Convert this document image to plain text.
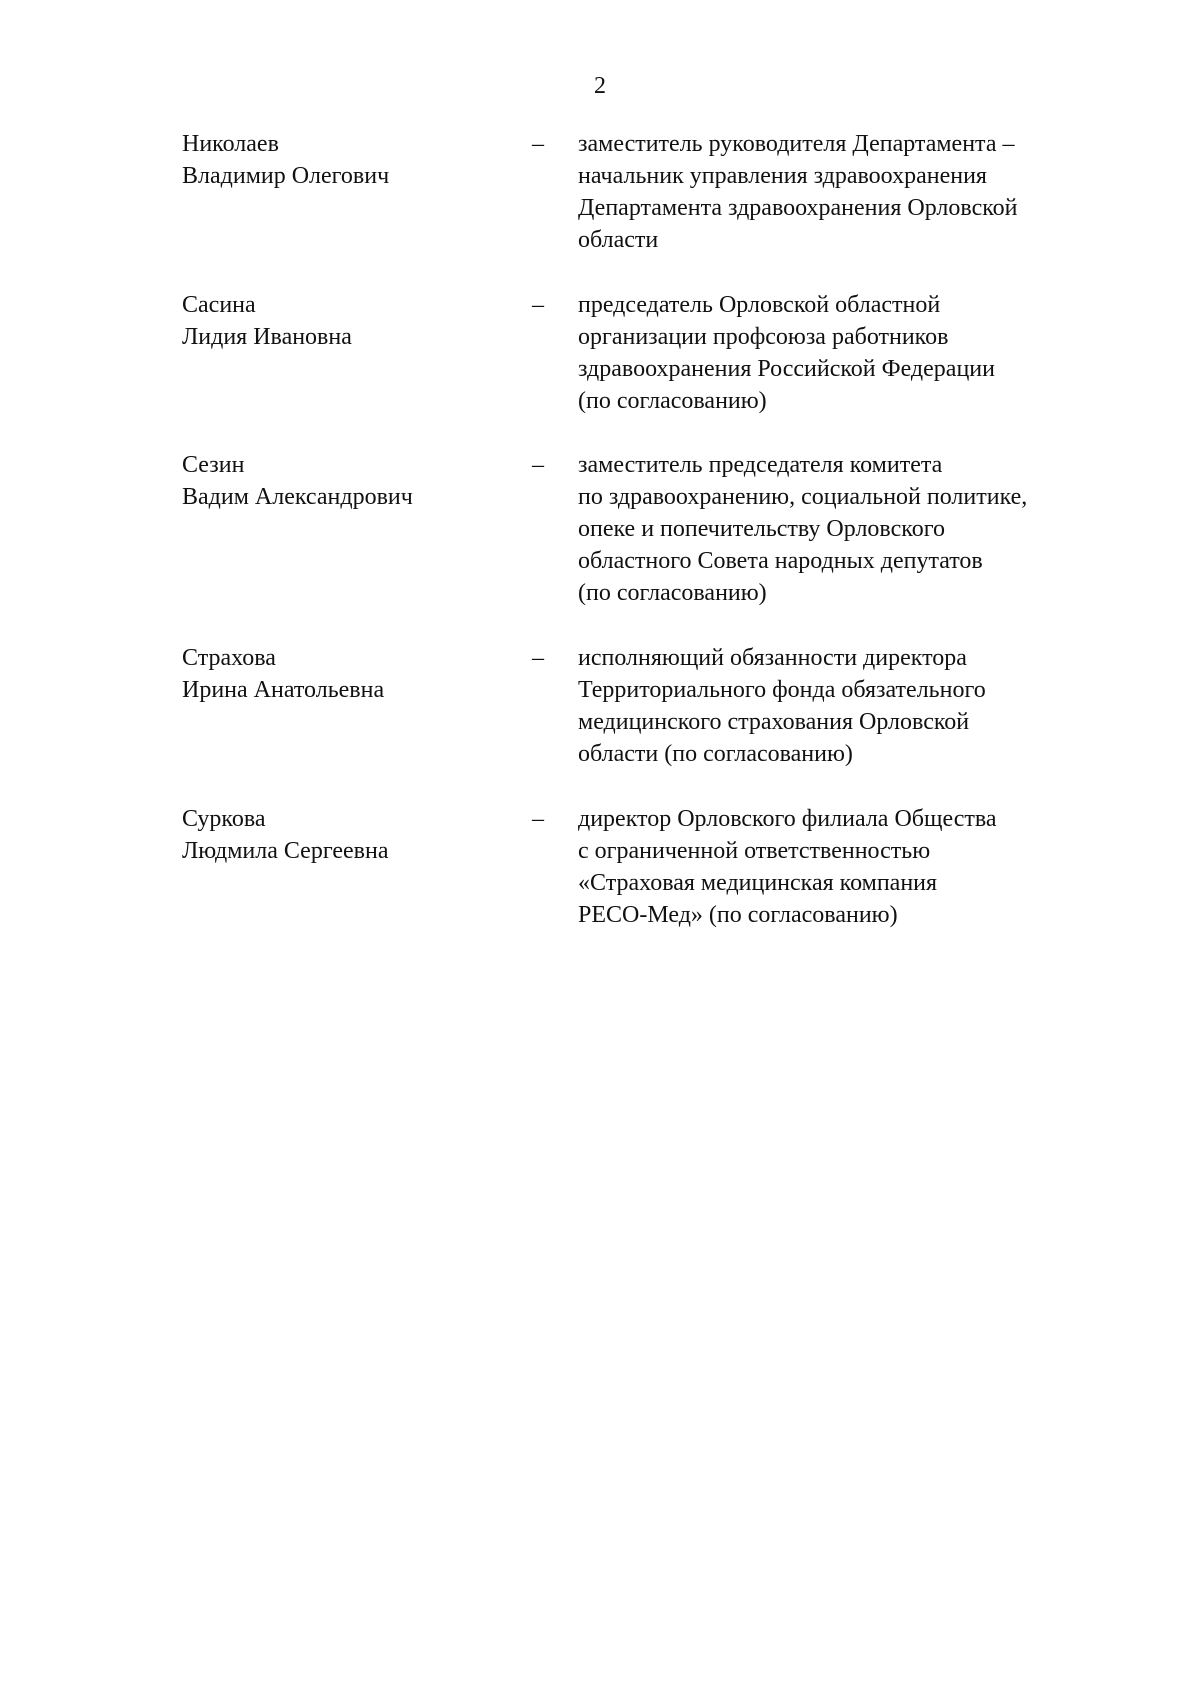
2
Николаев
Владимир Олегович
– заместитель руководителя Департамента –
начальник управления здравоохранения
Департамента здравоохранения Орловской
области
Сасина
Лидия Ивановна
– председатель Орловской областной
организации профсоюза работников
здравоохранения Российской Федерации
(по согласованию)
Сезин
Вадим Александрович
– заместитель председателя комитета
по здравоохранению, социальной политике,
опеке и попечительству Орловского
областного Совета народных депутатов
(по согласованию)
Страхова
Ирина Анатольевна
– исполняющий обязанности директора
Территориального фонда обязательного
медицинского страхования Орловской
области (по согласованию)
Суркова
Людмила Сергеевна
– директор Орловского филиала Общества
с ограниченной ответственностью
«Страховая медицинская компания
РЕСО-Мед» (по согласованию)
